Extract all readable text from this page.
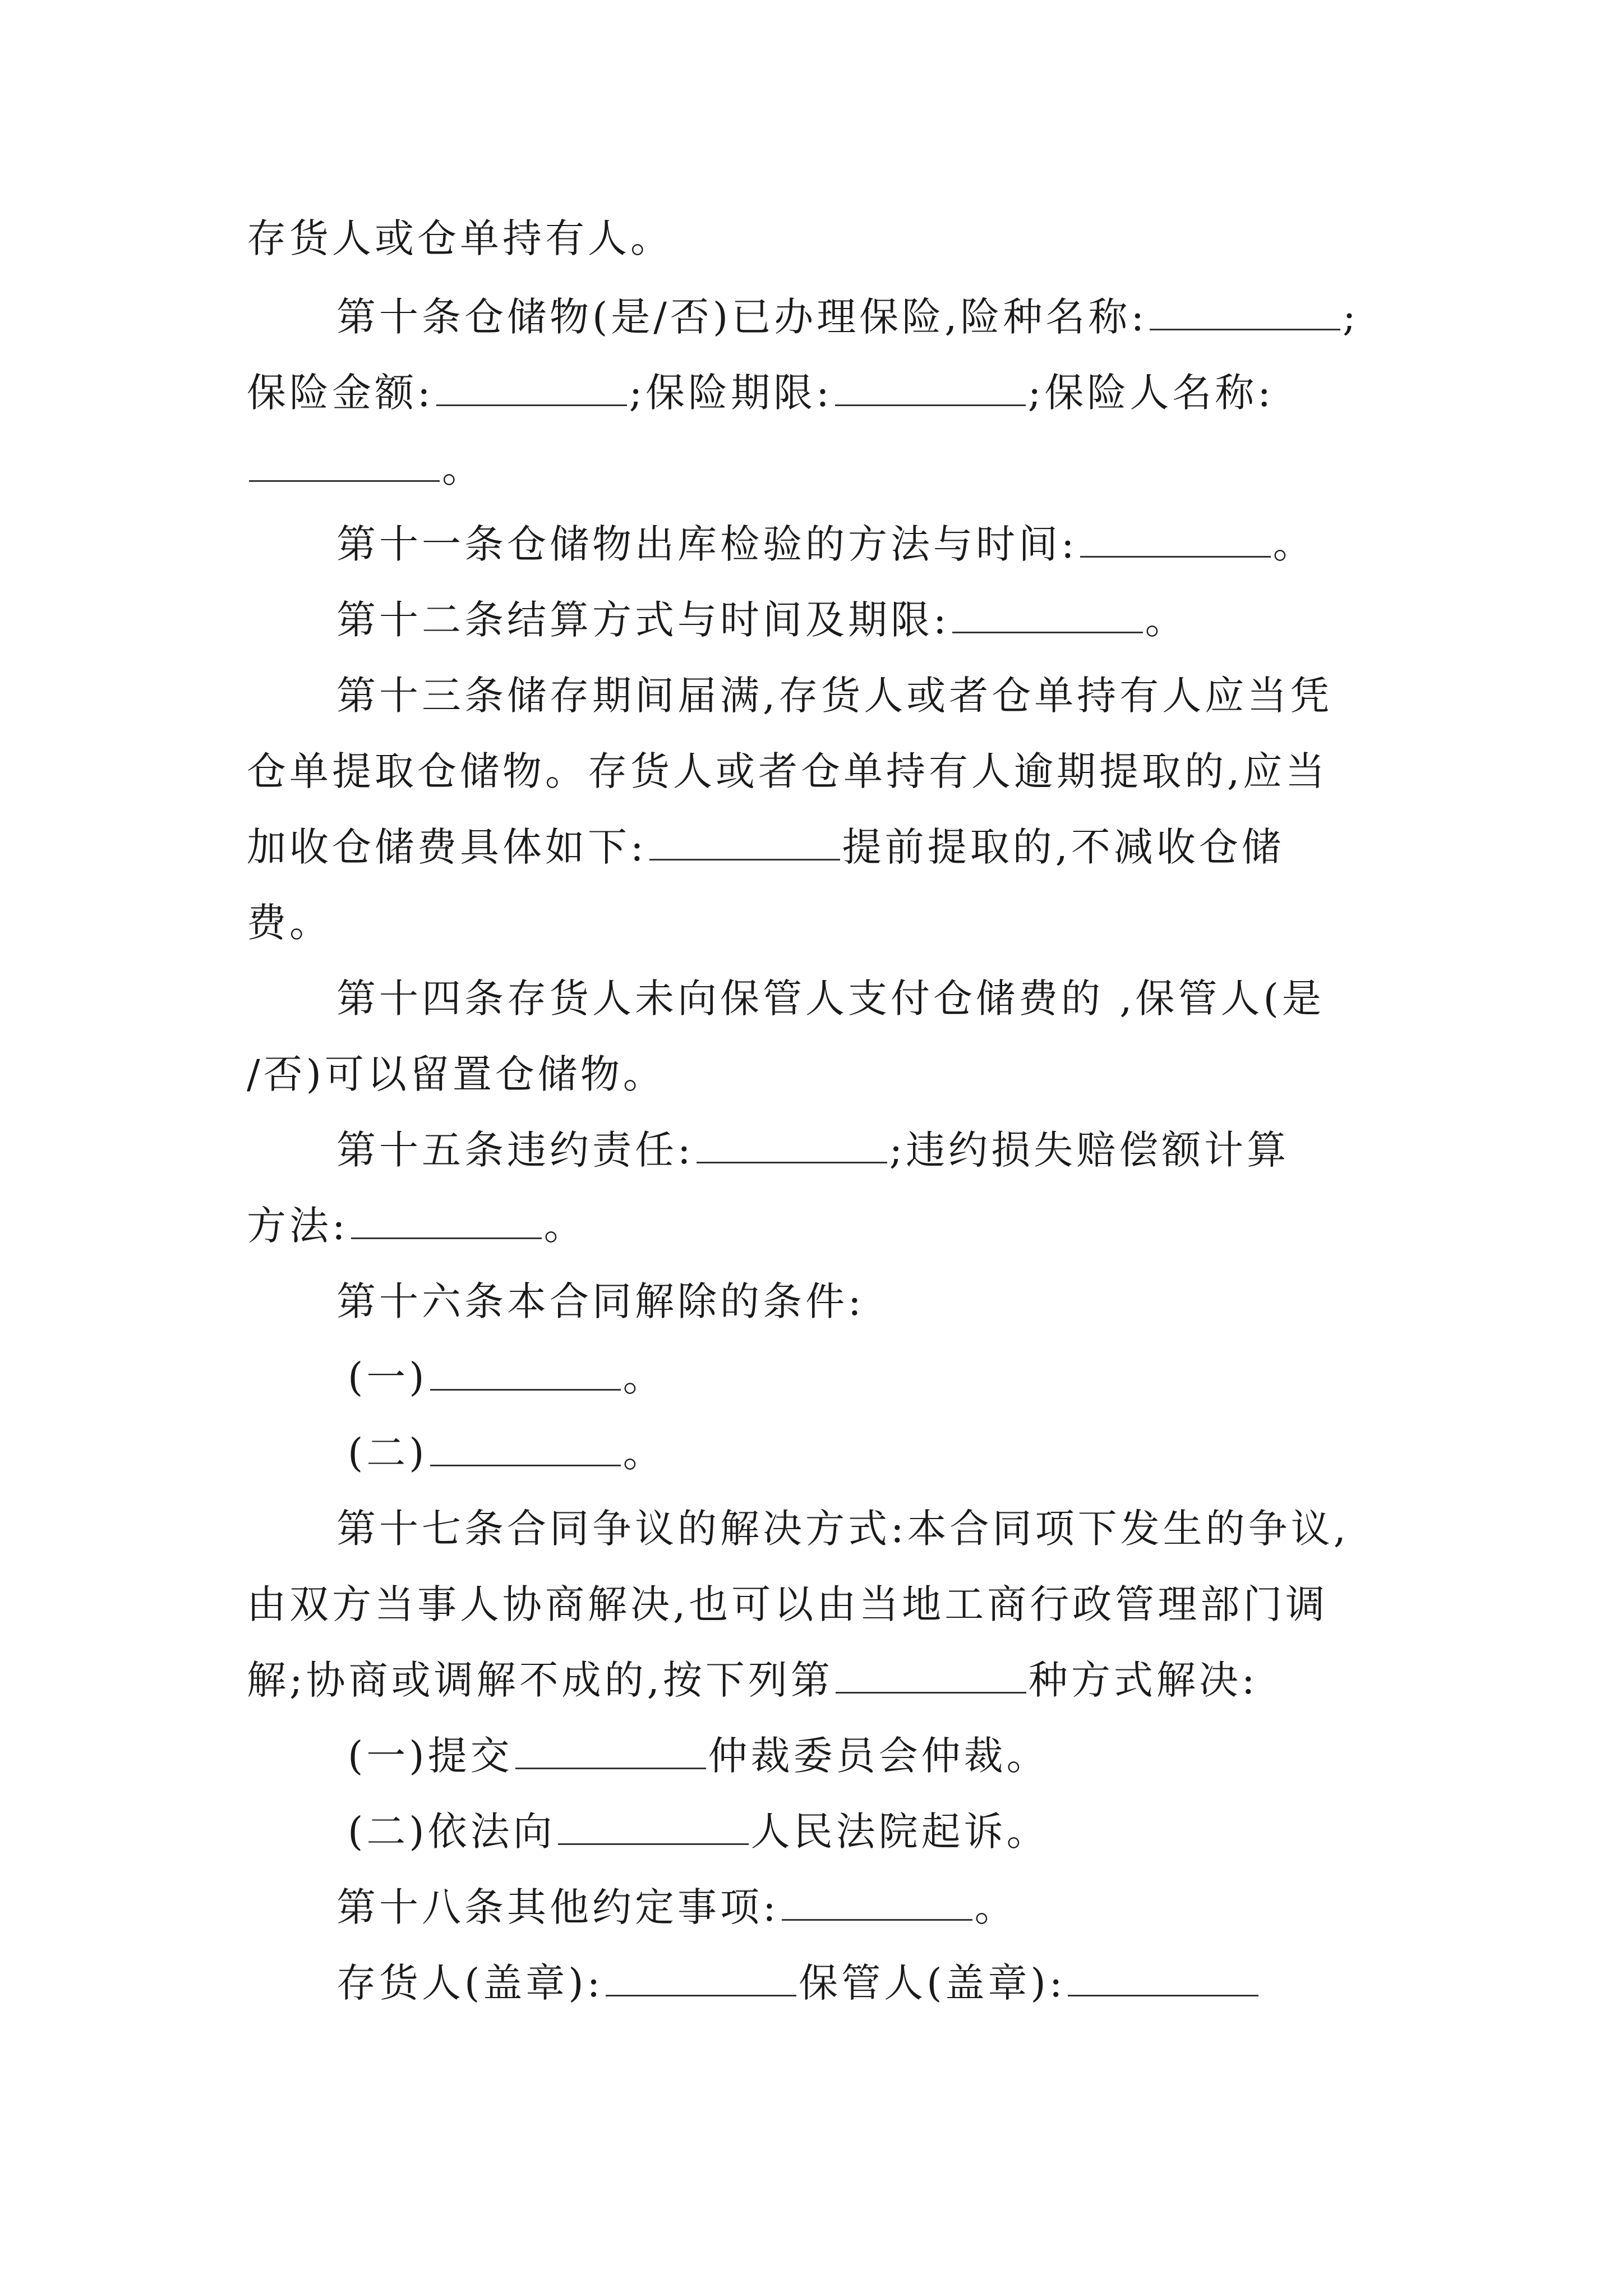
存货人或仓单持有人。
第十条仓储物(是/否)已办理保险,险种名称:	;
保险金额:	;保险期限:	;保险人名称:
。
第十一条仓储物出库检验的方法与时间:	。
第十二条结算方式与时间及期限:	。
第十三条储存期间届满,存货人或者仓单持有人应当凭
仓单提取仓储物。存货人或者仓单持有人逾期提取的,应当
加收仓储费具体如下:	提前提取的,不减收仓储
费。
第十四条存货人未向保管人支付仓储费的 ,保管人(是
/否)可以留置仓储物。
第十五条违约责任:	;违约损失赔偿额计算
方法:	。
第十六条本合同解除的条件:
(一)	。
(二)	。
第十七条合同争议的解决方式:本合同项下发生的争议,
由双方当事人协商解决,也可以由当地工商行政管理部门调
解;协商或调解不成的,按下列第	种方式解决:
(一)提交	仲裁委员会仲裁。
(二)依法向	人民法院起诉。
第十八条其他约定事项:	。
存货人(盖章):	保管人(盖章):
